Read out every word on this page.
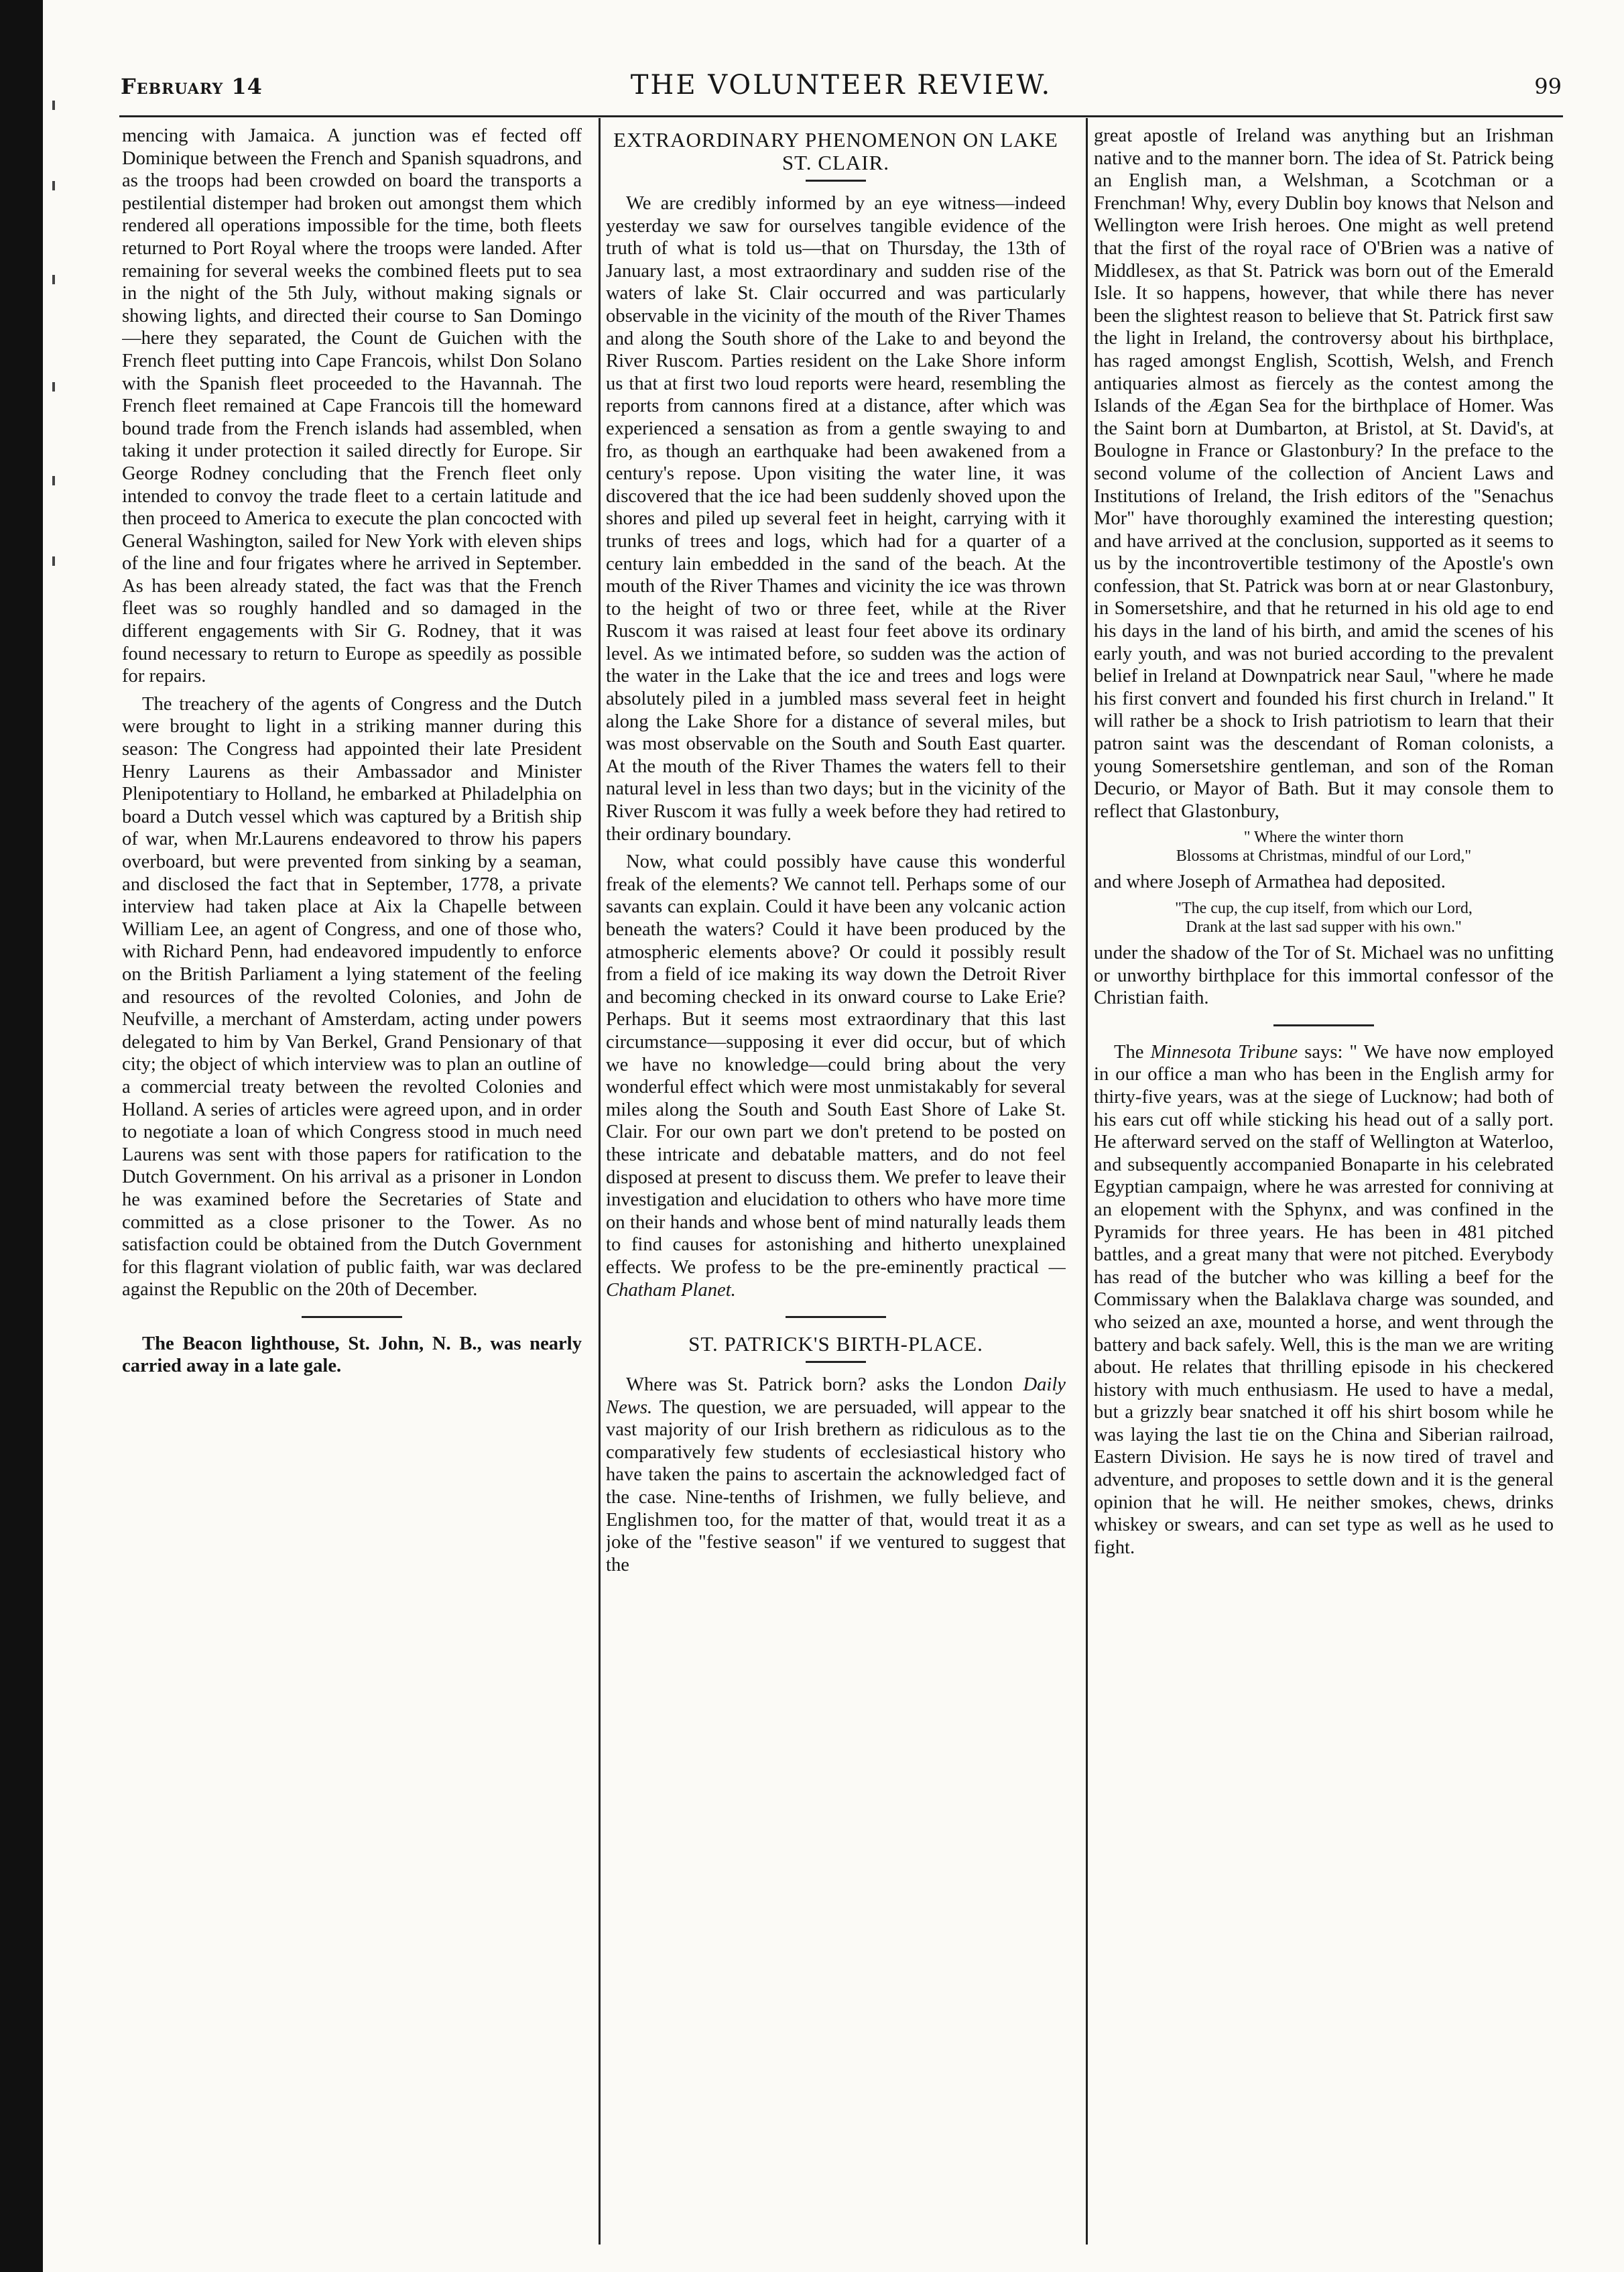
February 14	THE VOLUNTEER REVIEW.	99

mencing with Jamaica. A junction was ef fected off Dominique between the French and Spanish squadrons, and as the troops had been crowded on board the transports a pestilential distemper had broken out amongst them which rendered all operations impossible for the time, both fleets returned to Port Royal where the troops were landed. After remaining for several weeks the combined fleets put to sea in the night of the 5th July, without making signals or showing lights, and directed their course to San Domingo—here they separated, the Count de Guichen with the French fleet putting into Cape Francois, whilst Don Solano with the Spanish fleet proceeded to the Havannah. The French fleet remained at Cape Francois till the homeward bound trade from the French islands had assembled, when taking it under protection it sailed directly for Europe. Sir George Rodney concluding that the French fleet only intended to convoy the trade fleet to a certain latitude and then proceed to America to execute the plan concocted with General Washington, sailed for New York with eleven ships of the line and four frigates where he arrived in September. As has been already stated, the fact was that the French fleet was so roughly handled and so damaged in the different engagements with Sir G. Rodney, that it was found necessary to return to Europe as speedily as possible for repairs.

The treachery of the agents of Congress and the Dutch were brought to light in a striking manner during this season: The Congress had appointed their late President Henry Laurens as their Ambassador and Minister Plenipotentiary to Holland, he embarked at Philadelphia on board a Dutch vessel which was captured by a British ship of war, when Mr.Laurens endeavored to throw his papers overboard, but were prevented from sinking by a seaman, and disclosed the fact that in September, 1778, a private interview had taken place at Aix la Chapelle between William Lee, an agent of Congress, and one of those who, with Richard Penn, had endeavored impudently to enforce on the British Parliament a lying statement of the feeling and resources of the revolted Colonies, and John de Neufville, a merchant of Amsterdam, acting under powers delegated to him by Van Berkel, Grand Pensionary of that city; the object of which interview was to plan an outline of a commercial treaty between the revolted Colonies and Holland. A series of articles were agreed upon, and in order to negotiate a loan of which Congress stood in much need Laurens was sent with those papers for ratification to the Dutch Government. On his arrival as a prisoner in London he was examined before the Secretaries of State and committed as a close prisoner to the Tower. As no satisfaction could be obtained from the Dutch Government for this flagrant violation of public faith, war was declared against the Republic on the 20th of December.

The Beacon lighthouse, St. John, N. B., was nearly carried away in a late gale.

EXTRAORDINARY PHENOMENON ON LAKE ST. CLAIR.

We are credibly informed by an eye witness—indeed yesterday we saw for ourselves tangible evidence of the truth of what is told us—that on Thursday, the 13th of January last, a most extraordinary and sudden rise of the waters of lake St. Clair occurred and was particularly observable in the vicinity of the mouth of the River Thames and along the South shore of the Lake to and beyond the River Ruscom. Parties resident on the Lake Shore inform us that at first two loud reports were heard, resembling the reports from cannons fired at a distance, after which was experienced a sensation as from a gentle swaying to and fro, as though an earthquake had been awakened from a century's repose. Upon visiting the water line, it was discovered that the ice had been suddenly shoved upon the shores and piled up several feet in height, carrying with it trunks of trees and logs, which had for a quarter of a century lain embedded in the sand of the beach. At the mouth of the River Thames and vicinity the ice was thrown to the height of two or three feet, while at the River Ruscom it was raised at least four feet above its ordinary level. As we intimated before, so sudden was the action of the water in the Lake that the ice and trees and logs were absolutely piled in a jumbled mass several feet in height along the Lake Shore for a distance of several miles, but was most observable on the South and South East quarter. At the mouth of the River Thames the waters fell to their natural level in less than two days; but in the vicinity of the River Ruscom it was fully a week before they had retired to their ordinary boundary.

Now, what could possibly have cause this wonderful freak of the elements? We cannot tell. Perhaps some of our savants can explain. Could it have been any volcanic action beneath the waters? Could it have been produced by the atmospheric elements above? Or could it possibly result from a field of ice making its way down the Detroit River and becoming checked in its onward course to Lake Erie? Perhaps. But it seems most extraordinary that this last circumstance—supposing it ever did occur, but of which we have no knowledge—could bring about the very wonderful effect which were most unmistakably for several miles along the South and South East Shore of Lake St. Clair. For our own part we don't pretend to be posted on these intricate and debatable matters, and do not feel disposed at present to discuss them. We prefer to leave their investigation and elucidation to others who have more time on their hands and whose bent of mind naturally leads them to find causes for astonishing and hitherto unexplained effects. We profess to be the pre-eminently practical —Chatham Planet.

ST. PATRICK'S BIRTH-PLACE.

Where was St. Patrick born? asks the London Daily News. The question, we are persuaded, will appear to the vast majority of our Irish brethern as ridiculous as to the comparatively few students of ecclesiastical history who have taken the pains to ascertain the acknowledged fact of the case. Nine-tenths of Irishmen, we fully believe, and Englishmen too, for the matter of that, would treat it as a joke of the "festive season" if we ventured to suggest that the

great apostle of Ireland was anything but an Irishman native and to the manner born. The idea of St. Patrick being an English man, a Welshman, a Scotchman or a Frenchman! Why, every Dublin boy knows that Nelson and Wellington were Irish heroes. One might as well pretend that the first of the royal race of O'Brien was a native of Middlesex, as that St. Patrick was born out of the Emerald Isle. It so happens, however, that while there has never been the slightest reason to believe that St. Patrick first saw the light in Ireland, the controversy about his birthplace, has raged amongst English, Scottish, Welsh, and French antiquaries almost as fiercely as the contest among the Islands of the Ægan Sea for the birthplace of Homer. Was the Saint born at Dumbarton, at Bristol, at St. David's, at Boulogne in France or Glastonbury? In the preface to the second volume of the collection of Ancient Laws and Institutions of Ireland, the Irish editors of the "Senachus Mor" have thoroughly examined the interesting question; and have arrived at the conclusion, supported as it seems to us by the incontrovertible testimony of the Apostle's own confession, that St. Patrick was born at or near Glastonbury, in Somersetshire, and that he returned in his old age to end his days in the land of his birth, and amid the scenes of his early youth, and was not buried according to the prevalent belief in Ireland at Downpatrick near Saul, "where he made his first convert and founded his first church in Ireland." It will rather be a shock to Irish patriotism to learn that their patron saint was the descendant of Roman colonists, a young Somersetshire gentleman, and son of the Roman Decurio, or Mayor of Bath. But it may console them to reflect that Glastonbury,

" Where the winter thorn
Blossoms at Christmas, mindful of our Lord,"

and where Joseph of Armathea had deposited.

"The cup, the cup itself, from which our Lord,
Drank at the last sad supper with his own."

under the shadow of the Tor of St. Michael was no unfitting or unworthy birthplace for this immortal confessor of the Christian faith.

The Minnesota Tribune says: " We have now employed in our office a man who has been in the English army for thirty-five years, was at the siege of Lucknow; had both of his ears cut off while sticking his head out of a sally port. He afterward served on the staff of Wellington at Waterloo, and subsequently accompanied Bonaparte in his celebrated Egyptian campaign, where he was arrested for conniving at an elopement with the Sphynx, and was confined in the Pyramids for three years. He has been in 481 pitched battles, and a great many that were not pitched. Everybody has read of the butcher who was killing a beef for the Commissary when the Balaklava charge was sounded, and who seized an axe, mounted a horse, and went through the battery and back safely. Well, this is the man we are writing about. He relates that thrilling episode in his checkered history with much enthusiasm. He used to have a medal, but a grizzly bear snatched it off his shirt bosom while he was laying the last tie on the China and Siberian railroad, Eastern Division. He says he is now tired of travel and adventure, and proposes to settle down and it is the general opinion that he will. He neither smokes, chews, drinks whiskey or swears, and can set type as well as he used to fight.
